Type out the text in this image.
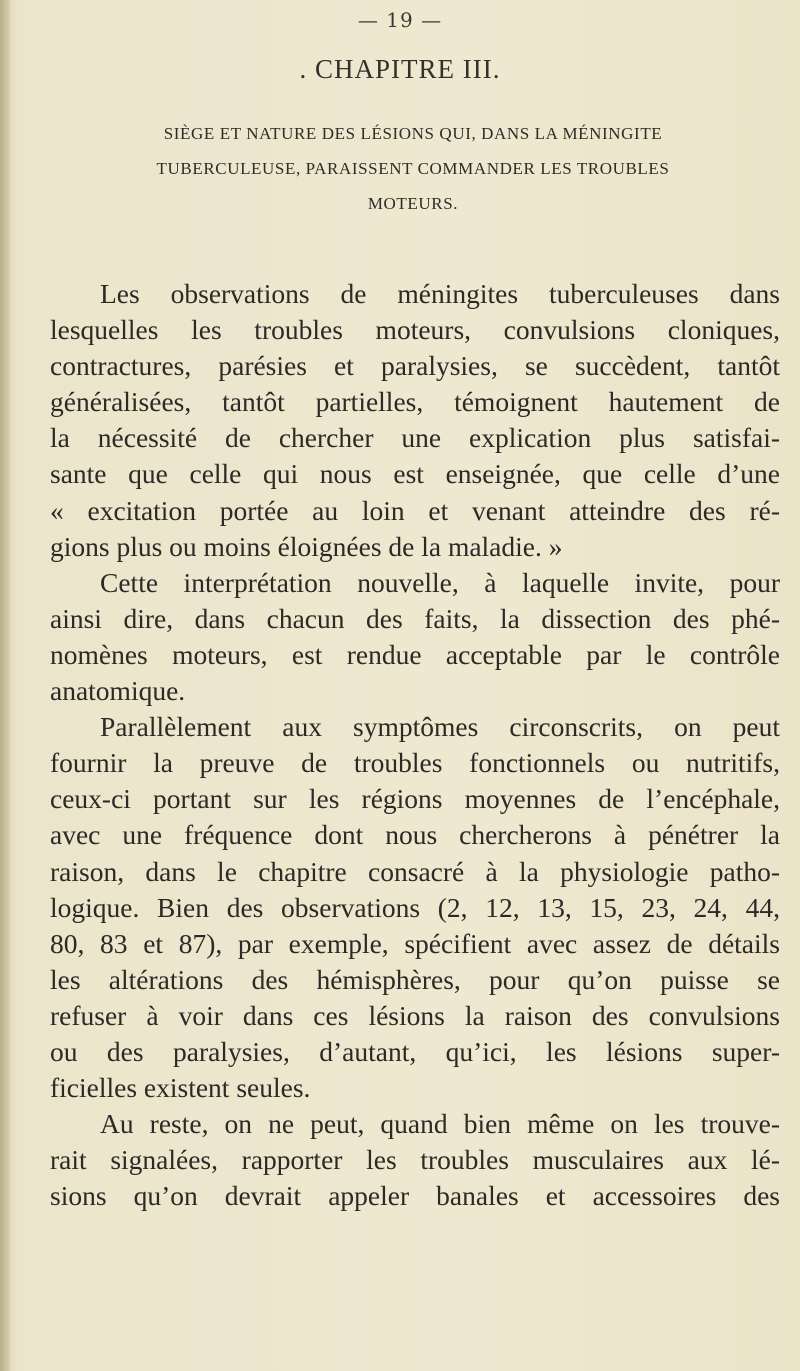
— 19 —
. CHAPITRE III.
SIÈGE ET NATURE DES LÉSIONS QUI, DANS LA MÉNINGITE
TUBERCULEUSE, PARAISSENT COMMANDER LES TROUBLES
MOTEURS.
Les observations de méningites tuberculeuses dans
lesquelles les troubles moteurs, convulsions cloniques,
contractures, parésies et paralysies, se succèdent, tantôt
généralisées, tantôt partielles, témoignent hautement de
la nécessité de chercher une explication plus satisfai-
sante que celle qui nous est enseignée, que celle d’une
« excitation portée au loin et venant atteindre des ré-
gions plus ou moins éloignées de la maladie. »
Cette interprétation nouvelle, à laquelle invite, pour
ainsi dire, dans chacun des faits, la dissection des phé-
nomènes moteurs, est rendue acceptable par le contrôle
anatomique.
Parallèlement aux symptômes circonscrits, on peut
fournir la preuve de troubles fonctionnels ou nutritifs,
ceux-ci portant sur les régions moyennes de l’encéphale,
avec une fréquence dont nous chercherons à pénétrer la
raison, dans le chapitre consacré à la physiologie patho-
logique. Bien des observations (2, 12, 13, 15, 23, 24, 44,
80, 83 et 87), par exemple, spécifient avec assez de détails
les altérations des hémisphères, pour qu’on puisse se
refuser à voir dans ces lésions la raison des convulsions
ou des paralysies, d’autant, qu’ici, les lésions super-
ficielles existent seules.
Au reste, on ne peut, quand bien même on les trouve-
rait signalées, rapporter les troubles musculaires aux lé-
sions qu’on devrait appeler banales et accessoires des
